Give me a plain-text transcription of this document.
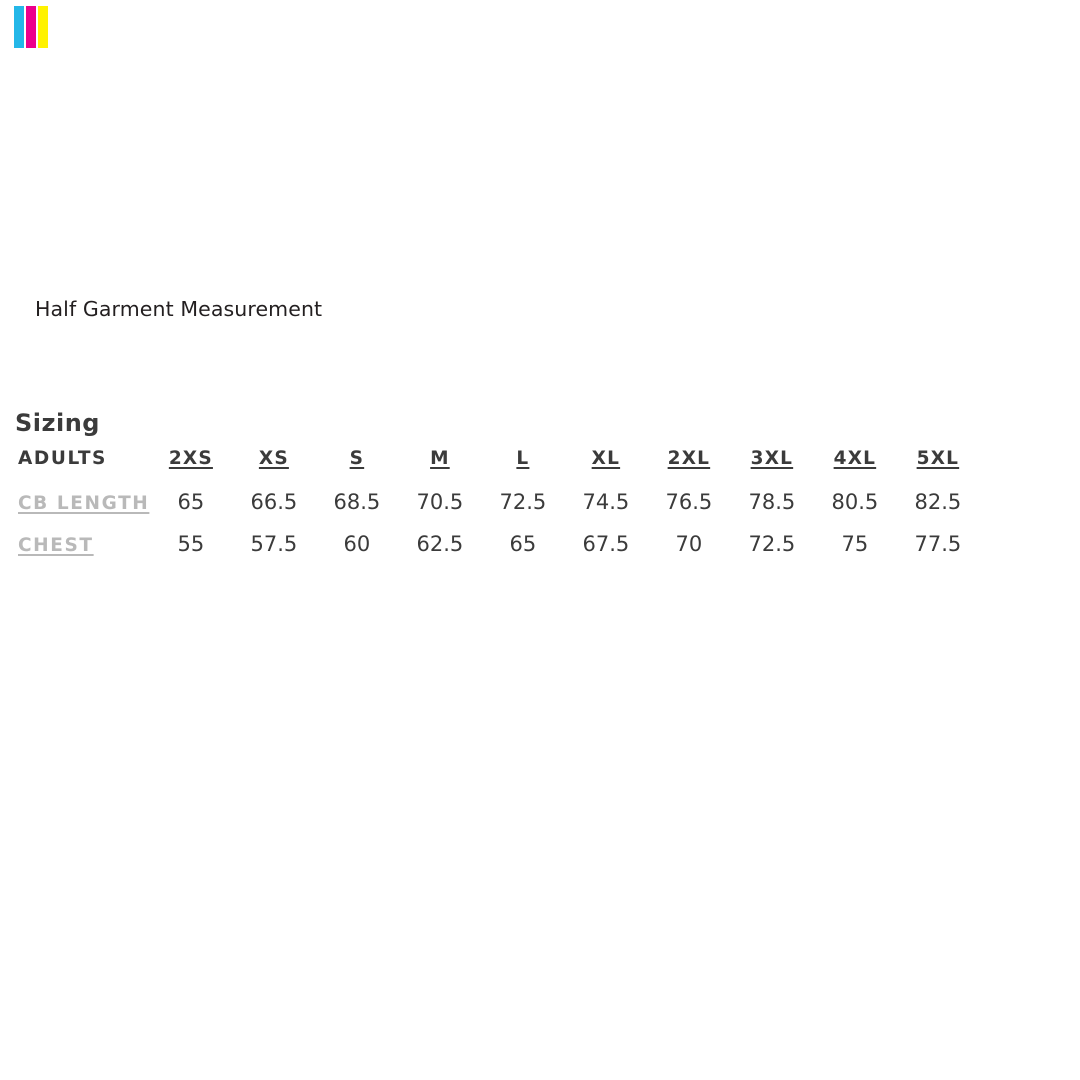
Half Garment Measurement
Sizing
ADULTS	2XS	XS	S	M	L	XL	2XL	3XL	4XL	5XL
CB LENGTH	65	66.5	68.5	70.5	72.5	74.5	76.5	78.5	80.5	82.5
CHEST	55	57.5	60	62.5	65	67.5	70	72.5	75	77.5
